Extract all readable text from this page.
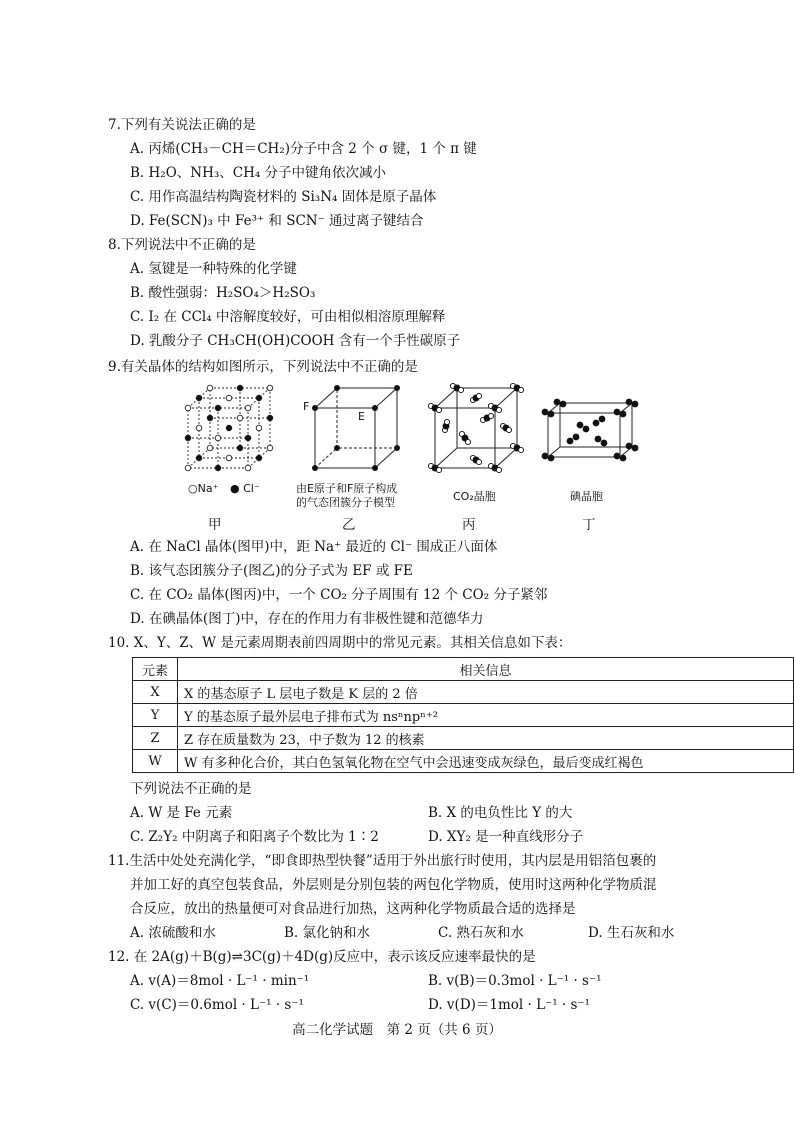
7.下列有关说法正确的是
A. 丙烯(CH₃－CH＝CH₂)分子中含 2 个 σ 键，1 个 π 键
B. H₂O、NH₃、CH₄ 分子中键角依次减小
C. 用作高温结构陶瓷材料的 Si₃N₄ 固体是原子晶体
D. Fe(SCN)₃ 中 Fe³⁺ 和 SCN⁻ 通过离子键结合
8.下列说法中不正确的是
A. 氢键是一种特殊的化学键
B. 酸性强弱：H₂SO₄＞H₂SO₃
C. I₂ 在 CCl₄ 中溶解度较好，可由相似相溶原理解释
D. 乳酸分子 CH₃CH(OH)COOH 含有一个手性碳原子
9.有关晶体的结构如图所示，下列说法中不正确的是
○Na⁺ ● Cl⁻
甲
F
E
由E原子和F原子构成
的气态团簇分子模型
乙
CO₂晶胞
丙
碘晶胞
丁
A. 在 NaCl 晶体(图甲)中，距 Na⁺ 最近的 Cl⁻ 围成正八面体
B. 该气态团簇分子(图乙)的分子式为 EF 或 FE
C. 在 CO₂ 晶体(图丙)中，一个 CO₂ 分子周围有 12 个 CO₂ 分子紧邻
D. 在碘晶体(图丁)中，存在的作用力有非极性键和范德华力
10. X、Y、Z、W 是元素周期表前四周期中的常见元素。其相关信息如下表：
元素	相关信息
X	X 的基态原子 L 层电子数是 K 层的 2 倍
Y	Y 的基态原子最外层电子排布式为 nsⁿnpⁿ⁺²
Z	Z 存在质量数为 23，中子数为 12 的核素
W	W 有多种化合价，其白色氢氧化物在空气中会迅速变成灰绿色，最后变成红褐色
下列说法不正确的是
A. W 是 Fe 元素	B. X 的电负性比 Y 的大
C. Z₂Y₂ 中阴离子和阳离子个数比为 1∶2	D. XY₂ 是一种直线形分子
11.生活中处处充满化学，“即食即热型快餐”适用于外出旅行时使用，其内层是用铝箔包裹的
并加工好的真空包装食品，外层则是分别包装的两包化学物质，使用时这两种化学物质混
合反应，放出的热量便可对食品进行加热，这两种化学物质最合适的选择是
A. 浓硫酸和水	B. 氯化钠和水	C. 熟石灰和水	D. 生石灰和水
12. 在 2A(g)＋B(g)⇌3C(g)＋4D(g)反应中，表示该反应速率最快的是
A. v(A)＝8mol · L⁻¹ · min⁻¹	B. v(B)＝0.3mol · L⁻¹ · s⁻¹
C. v(C)＝0.6mol · L⁻¹ · s⁻¹	D. v(D)＝1mol · L⁻¹ · s⁻¹
高二化学试题　第 2 页（共 6 页）
